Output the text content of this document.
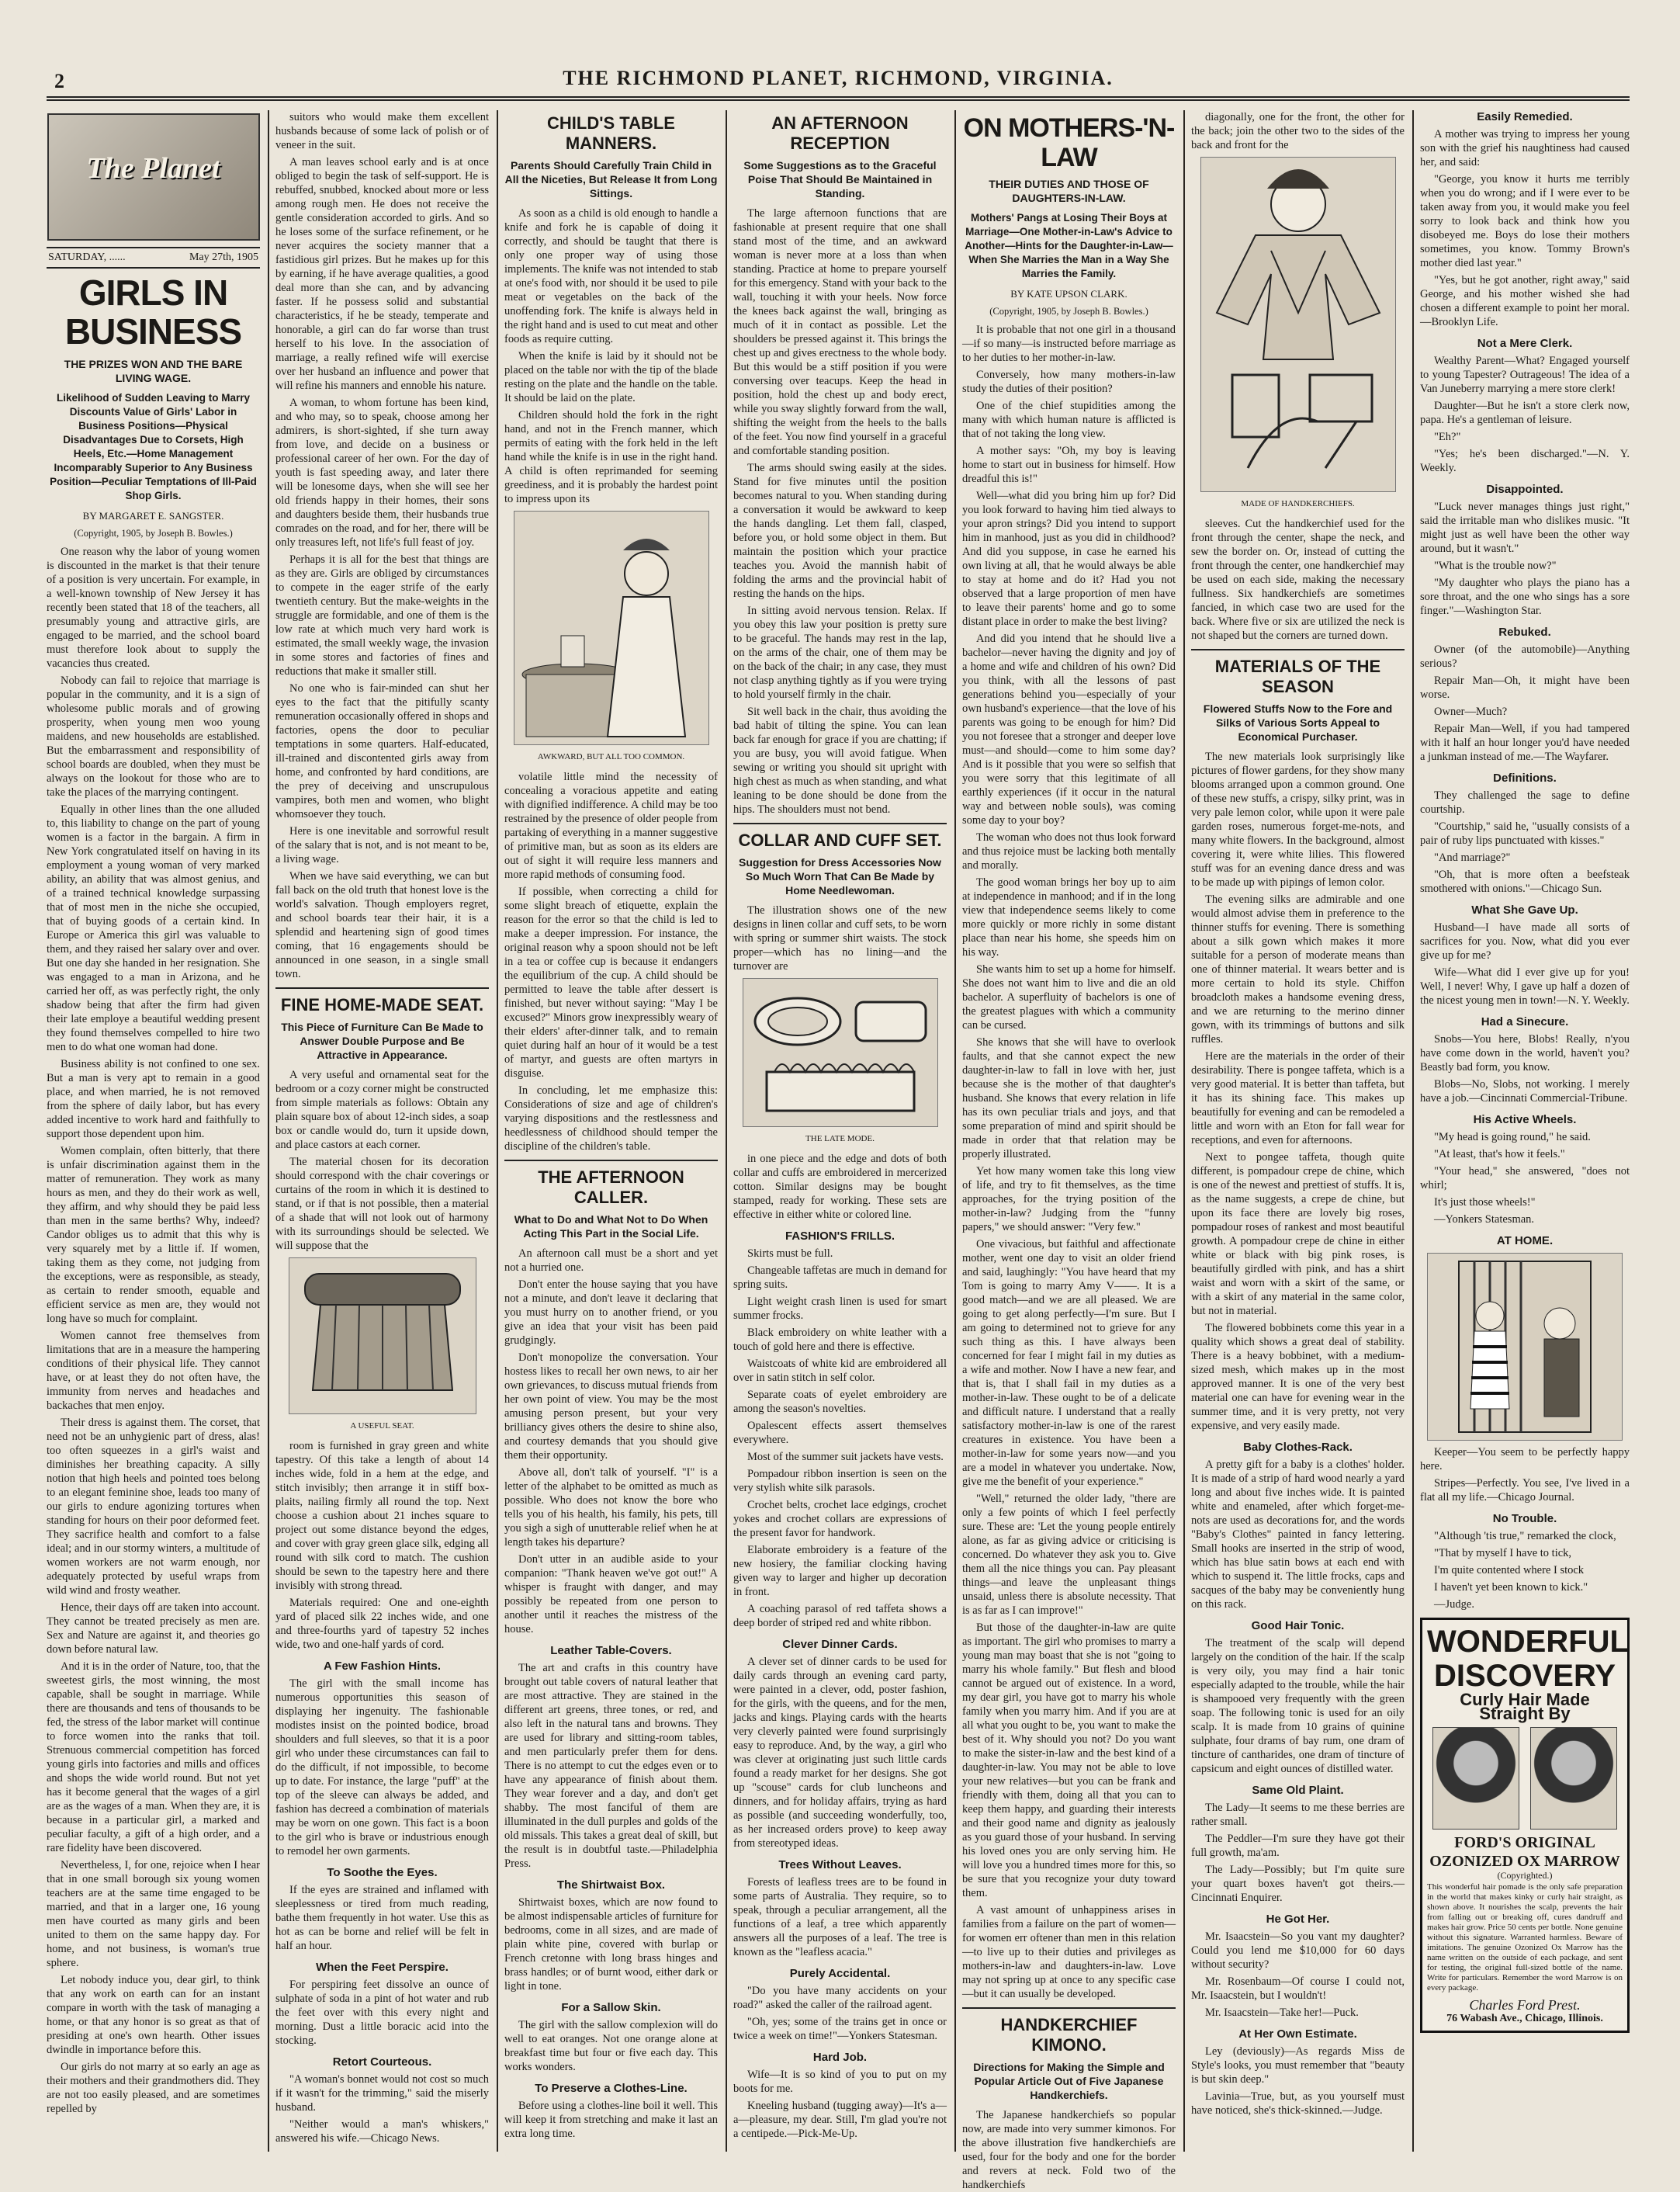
2	THE RICHMOND PLANET, RICHMOND, VIRGINIA.
The Planet
SATURDAY, ......	May 27th, 1905
GIRLS IN BUSINESS
THE PRIZES WON AND THE BARE LIVING WAGE.
Likelihood of Sudden Leaving to Marry Discounts Value of Girls' Labor in Business Positions—Physical Disadvantages Due to Corsets, High Heels, Etc.—Home Management Incomparably Superior to Any Business Position—Peculiar Temptations of Ill-Paid Shop Girls.
BY MARGARET E. SANGSTER.
(Copyright, 1905, by Joseph B. Bowles.)

One reason why the labor of young women is discounted in the market is that their tenure of a position is very uncertain. For example, in a well-known township of New Jersey it has recently been stated that 18 of the teachers, all presumably young and attractive girls, are engaged to be married, and the school board must therefore look about to supply the vacancies thus created.

Nobody can fail to rejoice that marriage is popular in the community, and it is a sign of wholesome public morals and of growing prosperity, when young men woo young maidens, and new households are established. But the embarrassment and responsibility of school boards are doubled, when they must be always on the lookout for those who are to take the places of the marrying contingent.

Equally in other lines than the one alluded to, this liability to change on the part of young women is a factor in the bargain. A firm in New York congratulated itself on having in its employment a young woman of very marked ability, an ability that was almost genius, and of a trained technical knowledge surpassing that of most men in the niche she occupied, that of buying goods of a certain kind. In Europe or America this girl was valuable to them, and they raised her salary over and over. But one day she handed in her resignation. She was engaged to a man in Arizona, and he carried her off, as was perfectly right, the only shadow being that after the firm had given their late employe a beautiful wedding present they found themselves compelled to hire two men to do what one woman had done.

Business ability is not confined to one sex. But a man is very apt to remain in a good place, and when married, he is not removed from the sphere of daily labor, but has every added incentive to work hard and faithfully to support those dependent upon him.

Women complain, often bitterly, that there is unfair discrimination against them in the matter of remuneration. They work as many hours as men, and they do their work as well, they affirm, and why should they be paid less than men in the same berths? Why, indeed? Candor obliges us to admit that this why is very squarely met by a little if. If women, taking them as they come, not judging from the exceptions, were as responsible, as steady, as certain to render smooth, equable and efficient service as men are, they would not long have so much for complaint.

Women cannot free themselves from limitations that are in a measure the hampering conditions of their physical life. They cannot have, or at least they do not often have, the immunity from nerves and headaches and backaches that men enjoy.

Their dress is against them. The corset, that need not be an unhygienic part of dress, alas! too often squeezes in a girl's waist and diminishes her breathing capacity. A silly notion that high heels and pointed toes belong to an elegant feminine shoe, leads too many of our girls to endure agonizing tortures when standing for hours on their poor deformed feet. They sacrifice health and comfort to a false ideal; and in our stormy winters, a multitude of women workers are not warm enough, nor adequately protected by useful wraps from wild wind and frosty weather.

Hence, their days off are taken into account. They cannot be treated precisely as men are. Sex and Nature are against it, and theories go down before natural law.

And it is in the order of Nature, too, that the sweetest girls, the most winning, the most capable, shall be sought in marriage. While there are thousands and tens of thousands to be fed, the stress of the labor market will continue to force women into the ranks that toil. Strenuous commercial competition has forced young girls into factories and mills and offices and shops the wide world round. But not yet has it become general that the wages of a girl are as the wages of a man. When they are, it is because in a particular girl, a marked and peculiar faculty, a gift of a high order, and a rare fidelity have been discovered.

Nevertheless, I, for one, rejoice when I hear that in one small borough six young women teachers are at the same time engaged to be married, and that in a larger one, 16 young men have courted as many girls and been united to them on the same happy day. For home, and not business, is woman's true sphere.

Let nobody induce you, dear girl, to think that any work on earth can for an instant compare in worth with the task of managing a home, or that any honor is so great as that of presiding at one's own hearth. Other issues dwindle in importance before this.

Our girls do not marry at so early an age as their mothers and their grandmothers did. They are not too easily pleased, and are sometimes repelled by

suitors who would make them excellent husbands because of some lack of polish or of veneer in the suit.

A man leaves school early and is at once obliged to begin the task of self-support. He is rebuffed, snubbed, knocked about more or less among rough men. He does not receive the gentle consideration accorded to girls. And so he loses some of the surface refinement, or he never acquires the society manner that a fastidious girl prizes. But he makes up for this by earning, if he have average qualities, a good deal more than she can, and by advancing faster. If he possess solid and substantial characteristics, if he be steady, temperate and honorable, a girl can do far worse than trust herself to his love. In the association of marriage, a really refined wife will exercise over her husband an influence and power that will refine his manners and ennoble his nature.

A woman, to whom fortune has been kind, and who may, so to speak, choose among her admirers, is short-sighted, if she turn away from love, and decide on a business or professional career of her own. For the day of youth is fast speeding away, and later there will be lonesome days, when she will see her old friends happy in their homes, their sons and daughters beside them, their husbands true comrades on the road, and for her, there will be only treasures left, not life's full feast of joy.

Perhaps it is all for the best that things are as they are. Girls are obliged by circumstances to compete in the eager strife of the early twentieth century. But the make-weights in the struggle are formidable, and one of them is the low rate at which much very hard work is estimated, the small weekly wage, the invasion in some stores and factories of fines and reductions that make it smaller still.

No one who is fair-minded can shut her eyes to the fact that the pitifully scanty remuneration occasionally offered in shops and factories, opens the door to peculiar temptations in some quarters. Half-educated, ill-trained and discontented girls away from home, and confronted by hard conditions, are the prey of deceiving and unscrupulous vampires, both men and women, who blight whomsoever they touch.

Here is one inevitable and sorrowful result of the salary that is not, and is not meant to be, a living wage.

When we have said everything, we can but fall back on the old truth that honest love is the world's salvation. Though employers regret, and school boards tear their hair, it is a splendid and heartening sign of good times coming, that 16 engagements should be announced in one season, in a single small town.

FINE HOME-MADE SEAT.
This Piece of Furniture Can Be Made to Answer Double Purpose and Be Attractive in Appearance.

A very useful and ornamental seat for the bedroom or a cozy corner might be constructed from simple materials as follows: Obtain any plain square box of about 12-inch sides, a soap box or candle would do, turn it upside down, and place castors at each corner.

The material chosen for its decoration should correspond with the chair coverings or curtains of the room in which it is destined to stand, or if that is not possible, then a material of a shade that will not look out of harmony with its surroundings should be selected. We will suppose that the

A USEFUL SEAT.

room is furnished in gray green and white tapestry. Of this take a length of about 14 inches wide, fold in a hem at the edge, and stitch invisibly; then arrange it in stiff box-plaits, nailing firmly all round the top. Next choose a cushion about 21 inches square to project out some distance beyond the edges, and cover with gray green glace silk, edging all round with silk cord to match. The cushion should be sewn to the tapestry here and there invisibly with strong thread.

Materials required: One and one-eighth yard of placed silk 22 inches wide, and one and three-fourths yard of tapestry 52 inches wide, two and one-half yards of cord.

A Few Fashion Hints.

The girl with the small income has numerous opportunities this season of displaying her ingenuity. The fashionable modistes insist on the pointed bodice, broad shoulders and full sleeves, so that it is a poor girl who under these circumstances can fail to do the difficult, if not impossible, to become up to date. For instance, the large "puff" at the top of the sleeve can always be added, and fashion has decreed a combination of materials may be worn on one gown. This fact is a boon to the girl who is brave or industrious enough to remodel her own garments.

To Soothe the Eyes.

If the eyes are strained and inflamed with sleeplessness or tired from much reading, bathe them frequently in hot water. Use this as hot as can be borne and relief will be felt in half an hour.

When the Feet Perspire.

For perspiring feet dissolve an ounce of sulphate of soda in a pint of hot water and rub the feet over with this every night and morning. Dust a little boracic acid into the stocking.

Retort Courteous.

"A woman's bonnet would not cost so much if it wasn't for the trimming," said the miserly husband.

"Neither would a man's whiskers," answered his wife.—Chicago News.

CHILD'S TABLE MANNERS.
Parents Should Carefully Train Child in All the Niceties, But Release It from Long Sittings.

As soon as a child is old enough to handle a knife and fork he is capable of doing it correctly, and should be taught that there is only one proper way of using those implements. The knife was not intended to stab at one's food with, nor should it be used to pile meat or vegetables on the back of the unoffending fork. The knife is always held in the right hand and is used to cut meat and other foods as require cutting.

When the knife is laid by it should not be placed on the table nor with the tip of the blade resting on the plate and the handle on the table. It should be laid on the plate.

Children should hold the fork in the right hand, and not in the French manner, which permits of eating with the fork held in the left hand while the knife is in use in the right hand. A child is often reprimanded for seeming greediness, and it is probably the hardest point to impress upon its

AWKWARD, BUT ALL TOO COMMON.

volatile little mind the necessity of concealing a voracious appetite and eating with dignified indifference. A child may be too restrained by the presence of older people from partaking of everything in a manner suggestive of primitive man, but as soon as its elders are out of sight it will require less manners and more rapid methods of consuming food.

If possible, when correcting a child for some slight breach of etiquette, explain the reason for the error so that the child is led to make a deeper impression. For instance, the original reason why a spoon should not be left in a tea or coffee cup is because it endangers the equilibrium of the cup. A child should be permitted to leave the table after dessert is finished, but never without saying: "May I be excused?" Minors grow inexpressibly weary of their elders' after-dinner talk, and to remain quiet during half an hour of it would be a test of martyr, and guests are often martyrs in disguise.

In concluding, let me emphasize this: Considerations of size and age of children's varying dispositions and the restlessness and heedlessness of childhood should temper the discipline of the children's table.

THE AFTERNOON CALLER.
What to Do and What Not to Do When Acting This Part in the Social Life.

An afternoon call must be a short and yet not a hurried one.

Don't enter the house saying that you have not a minute, and don't leave it declaring that you must hurry on to another friend, or you give an idea that your visit has been paid grudgingly.

Don't monopolize the conversation. Your hostess likes to recall her own news, to air her own grievances, to discuss mutual friends from her own point of view. You may be the most amusing person present, but your very brilliancy gives others the desire to shine also, and courtesy demands that you should give them their opportunity.

Above all, don't talk of yourself. "I" is a letter of the alphabet to be omitted as much as possible. Who does not know the bore who tells you of his health, his family, his pets, till you sigh a sigh of unutterable relief when he at length takes his departure?

Don't utter in an audible aside to your companion: "Thank heaven we've got out!" A whisper is fraught with danger, and may possibly be repeated from one person to another until it reaches the mistress of the house.

Leather Table-Covers.

The art and crafts in this country have brought out table covers of natural leather that are most attractive. They are stained in the different art greens, three tones, or red, and also left in the natural tans and browns. They are used for library and sitting-room tables, and men particularly prefer them for dens. There is no attempt to cut the edges even or to have any appearance of finish about them. They wear forever and a day, and don't get shabby. The most fanciful of them are illuminated in the dull purples and golds of the old missals. This takes a great deal of skill, but the result is in doubtful taste.—Philadelphia Press.

The Shirtwaist Box.

Shirtwaist boxes, which are now found to be almost indispensable articles of furniture for bedrooms, come in all sizes, and are made of plain white pine, covered with burlap or French cretonne with long brass hinges and brass handles; or of burnt wood, either dark or light in tone.

For a Sallow Skin.

The girl with the sallow complexion will do well to eat oranges. Not one orange alone at breakfast time but four or five each day. This works wonders.

To Preserve a Clothes-Line.

Before using a clothes-line boil it well. This will keep it from stretching and make it last an extra long time.

AN AFTERNOON RECEPTION
Some Suggestions as to the Graceful Poise That Should Be Maintained in Standing.

The large afternoon functions that are fashionable at present require that one shall stand most of the time, and an awkward woman is never more at a loss than when standing. Practice at home to prepare yourself for this emergency. Stand with your back to the wall, touching it with your heels. Now force the knees back against the wall, bringing as much of it in contact as possible. Let the shoulders be pressed against it. This brings the chest up and gives erectness to the whole body. But this would be a stiff position if you were conversing over teacups. Keep the head in position, hold the chest up and body erect, while you sway slightly forward from the wall, shifting the weight from the heels to the balls of the feet. You now find yourself in a graceful and comfortable standing position.

The arms should swing easily at the sides. Stand for five minutes until the position becomes natural to you. When standing during a conversation it would be awkward to keep the hands dangling. Let them fall, clasped, before you, or hold some object in them. But maintain the position which your practice teaches you. Avoid the mannish habit of folding the arms and the provincial habit of resting the hands on the hips.

In sitting avoid nervous tension. Relax. If you obey this law your position is pretty sure to be graceful. The hands may rest in the lap, on the arms of the chair, one of them may be on the back of the chair; in any case, they must not clasp anything tightly as if you were trying to hold yourself firmly in the chair.

Sit well back in the chair, thus avoiding the bad habit of tilting the spine. You can lean back far enough for grace if you are chatting; if you are busy, you will avoid fatigue. When sewing or writing you should sit upright with high chest as much as when standing, and what leaning to be done should be done from the hips. The shoulders must not bend.

COLLAR AND CUFF SET.
Suggestion for Dress Accessories Now So Much Worn That Can Be Made by Home Needlewoman.

The illustration shows one of the new designs in linen collar and cuff sets, to be worn with spring or summer shirt waists. The stock proper—which has no lining—and the turnover are

THE LATE MODE.

in one piece and the edge and dots of both collar and cuffs are embroidered in mercerized cotton. Similar designs may be bought stamped, ready for working. These sets are effective in either white or colored line.

FASHION'S FRILLS.

Skirts must be full.

Changeable taffetas are much in demand for spring suits.

Light weight crash linen is used for smart summer frocks.

Black embroidery on white leather with a touch of gold here and there is effective.

Waistcoats of white kid are embroidered all over in satin stitch in self color.

Separate coats of eyelet embroidery are among the season's novelties.

Opalescent effects assert themselves everywhere.

Most of the summer suit jackets have vests.

Pompadour ribbon insertion is seen on the very stylish white silk parasols.

Crochet belts, crochet lace edgings, crochet yokes and crochet collars are expressions of the present favor for handwork.

Elaborate embroidery is a feature of the new hosiery, the familiar clocking having given way to larger and higher up decoration in front.

A coaching parasol of red taffeta shows a deep border of striped red and white ribbon.

Clever Dinner Cards.

A clever set of dinner cards to be used for daily cards through an evening card party, were painted in a clever, odd, poster fashion, for the girls, with the queens, and for the men, jacks and kings. Playing cards with the hearts very cleverly painted were found surprisingly easy to reproduce. And, by the way, a girl who was clever at originating just such little cards found a ready market for her designs. She got up "scouse" cards for club luncheons and dinners, and for holiday affairs, trying as hard as possible (and succeeding wonderfully, too, as her increased orders prove) to keep away from stereotyped ideas.

Trees Without Leaves.

Forests of leafless trees are to be found in some parts of Australia. They require, so to speak, through a peculiar arrangement, all the functions of a leaf, a tree which apparently answers all the purposes of a leaf. The tree is known as the "leafless acacia."

Purely Accidental.

"Do you have many accidents on your road?" asked the caller of the railroad agent.

"Oh, yes; some of the trains get in once or twice a week on time!"—Yonkers Statesman.

Hard Job.

Wife—It is so kind of you to put on my boots for me.

Kneeling husband (tugging away)—It's a—a—pleasure, my dear. Still, I'm glad you're not a centipede.—Pick-Me-Up.

ON MOTHERS-'N-LAW
THEIR DUTIES AND THOSE OF DAUGHTERS-IN-LAW.
Mothers' Pangs at Losing Their Boys at Marriage—One Mother-in-Law's Advice to Another—Hints for the Daughter-in-Law—When She Marries the Man in a Way She Marries the Family.
BY KATE UPSON CLARK.
(Copyright, 1905, by Joseph B. Bowles.)

It is probable that not one girl in a thousand—if so many—is instructed before marriage as to her duties to her mother-in-law.

Conversely, how many mothers-in-law study the duties of their position?

One of the chief stupidities among the many with which human nature is afflicted is that of not taking the long view.

A mother says: "Oh, my boy is leaving home to start out in business for himself. How dreadful this is!"

Well—what did you bring him up for? Did you look forward to having him tied always to your apron strings? Did you intend to support him in manhood, just as you did in childhood? And did you suppose, in case he earned his own living at all, that he would always be able to stay at home and do it? Had you not observed that a large proportion of men have to leave their parents' home and go to some distant place in order to make the best living?

And did you intend that he should live a bachelor—never having the dignity and joy of a home and wife and children of his own? Did you think, with all the lessons of past generations behind you—especially of your own husband's experience—that the love of his parents was going to be enough for him? Did you not foresee that a stronger and deeper love must—and should—come to him some day? And is it possible that you were so selfish that you were sorry that this legitimate of all earthly experiences (if it occur in the natural way and between noble souls), was coming some day to your boy?

The woman who does not thus look forward and thus rejoice must be lacking both mentally and morally.

The good woman brings her boy up to aim at independence in manhood; and if in the long view that independence seems likely to come more quickly or more richly in some distant place than near his home, she speeds him on his way.

She wants him to set up a home for himself. She does not want him to live and die an old bachelor. A superfluity of bachelors is one of the greatest plagues with which a community can be cursed.

She knows that she will have to overlook faults, and that she cannot expect the new daughter-in-law to fall in love with her, just because she is the mother of that daughter's husband. She knows that every relation in life has its own peculiar trials and joys, and that some preparation of mind and spirit should be made in order that that relation may be properly illustrated.

Yet how many women take this long view of life, and try to fit themselves, as the time approaches, for the trying position of the mother-in-law? Judging from the "funny papers," we should answer: "Very few."

One vivacious, but faithful and affectionate mother, went one day to visit an older friend and said, laughingly: "You have heard that my Tom is going to marry Amy V——. It is a good match—and we are all pleased. We are going to get along perfectly—I'm sure. But I am going to determined not to grieve for any such thing as this. I have always been concerned for fear I might fail in my duties as a wife and mother. Now I have a new fear, and that is, that I shall fail in my duties as a mother-in-law. These ought to be of a delicate and difficult nature. I understand that a really satisfactory mother-in-law is one of the rarest creatures in existence. You have been a mother-in-law for some years now—and you are a model in whatever you undertake. Now, give me the benefit of your experience."

"Well," returned the older lady, "there are only a few points of which I feel perfectly sure. These are: 'Let the young people entirely alone, as far as giving advice or criticising is concerned. Do whatever they ask you to. Give them all the nice things you can. Pay pleasant things—and leave the unpleasant things unsaid, unless there is absolute necessity. That is as far as I can improve!"

But those of the daughter-in-law are quite as important. The girl who promises to marry a young man may boast that she is not "going to marry his whole family." But flesh and blood cannot be argued out of existence. In a word, my dear girl, you have got to marry his whole family when you marry him. And if you are at all what you ought to be, you want to make the best of it. Why should you not? Do you want to make the sister-in-law and the best kind of a daughter-in-law. You may not be able to love your new relatives—but you can be frank and friendly with them, doing all that you can to keep them happy, and guarding their interests and their good name and dignity as jealously as you guard those of your husband. In serving his loved ones you are only serving him. He will love you a hundred times more for this, so be sure that you recognize your duty toward them.

A vast amount of unhappiness arises in families from a failure on the part of women—for women err oftener than men in this relation—to live up to their duties and privileges as mothers-in-law and daughters-in-law. Love may not spring up at once to any specific case—but it can usually be developed.

HANDKERCHIEF KIMONO.
Directions for Making the Simple and Popular Article Out of Five Japanese Handkerchiefs.

The Japanese handkerchiefs so popular now, are made into very summer kimonos. For the above illustration five handkerchiefs are used, four for the body and one for the border and revers at neck. Fold two of the handkerchiefs

diagonally, one for the front, the other for the back; join the other two to the sides of the back and front for the

MADE OF HANDKERCHIEFS.

sleeves. Cut the handkerchief used for the front through the center, shape the neck, and sew the border on. Or, instead of cutting the front through the center, one handkerchief may be used on each side, making the necessary fullness. Six handkerchiefs are sometimes fancied, in which case two are used for the back. Where five or six are utilized the neck is not shaped but the corners are turned down.

MATERIALS OF THE SEASON
Flowered Stuffs Now to the Fore and Silks of Various Sorts Appeal to Economical Purchaser.

The new materials look surprisingly like pictures of flower gardens, for they show many blooms arranged upon a common ground. One of these new stuffs, a crispy, silky print, was in very pale lemon color, while upon it were pale garden roses, numerous forget-me-nots, and many white flowers. In the background, almost covering it, were white lilies. This flowered stuff was for an evening dance dress and was to be made up with pipings of lemon color.

The evening silks are admirable and one would almost advise them in preference to the thinner stuffs for evening. There is something about a silk gown which makes it more suitable for a person of moderate means than one of thinner material. It wears better and is more certain to hold its style. Chiffon broadcloth makes a handsome evening dress, and we are returning to the merino dinner gown, with its trimmings of buttons and silk ruffles.

Here are the materials in the order of their desirability. There is pongee taffeta, which is a very good material. It is better than taffeta, but it has its shining face. This makes up beautifully for evening and can be remodeled a little and worn with an Eton for fall wear for receptions, and even for afternoons.

Next to pongee taffeta, though quite different, is pompadour crepe de chine, which is one of the newest and prettiest of stuffs. It is, as the name suggests, a crepe de chine, but upon its face there are lovely big roses, pompadour roses of rankest and most beautiful growth. A pompadour crepe de chine in either white or black with big pink roses, is beautifully girdled with pink, and has a shirt waist and worn with a skirt of the same, or with a skirt of any material in the same color, but not in material.

The flowered bobbinets come this year in a quality which shows a great deal of stability. There is a heavy bobbinet, with a medium-sized mesh, which makes up in the most approved manner. It is one of the very best material one can have for evening wear in the summer time, and it is very pretty, not very expensive, and very easily made.

Baby Clothes-Rack.

A pretty gift for a baby is a clothes' holder. It is made of a strip of hard wood nearly a yard long and about five inches wide. It is painted white and enameled, after which forget-me-nots are used as decorations for, and the words "Baby's Clothes" painted in fancy lettering. Small hooks are inserted in the strip of wood, which has blue satin bows at each end with which to suspend it. The little frocks, caps and sacques of the baby may be conveniently hung on this rack.

Good Hair Tonic.

The treatment of the scalp will depend largely on the condition of the hair. If the scalp is very oily, you may find a hair tonic especially adapted to the trouble, while the hair is shampooed very frequently with the green soap. The following tonic is used for an oily scalp. It is made from 10 grains of quinine sulphate, four drams of bay rum, one dram of tincture of cantharides, one dram of tincture of capsicum and eight ounces of distilled water.

Same Old Plaint.

The Lady—It seems to me these berries are rather small.

The Peddler—I'm sure they have got their full growth, ma'am.

The Lady—Possibly; but I'm quite sure your quart boxes haven't got theirs.—Cincinnati Enquirer.

He Got Her.

Mr. Isaacstein—So you vant my daughter? Could you lend me $10,000 for 60 days without security?

Mr. Rosenbaum—Of course I could not, Mr. Isaacstein, but I wouldn't!

Mr. Isaacstein—Take her!—Puck.

At Her Own Estimate.

Ley (deviously)—As regards Miss de Style's looks, you must remember that "beauty is but skin deep."

Lavinia—True, but, as you yourself must have noticed, she's thick-skinned.—Judge.

Easily Remedied.

A mother was trying to impress her young son with the grief his naughtiness had caused her, and said:

"George, you know it hurts me terribly when you do wrong; and if I were ever to be taken away from you, it would make you feel sorry to look back and think how you disobeyed me. Boys do lose their mothers sometimes, you know. Tommy Brown's mother died last year."

"Yes, but he got another, right away," said George, and his mother wished she had chosen a different example to point her moral.—Brooklyn Life.

Not a Mere Clerk.

Wealthy Parent—What? Engaged yourself to young Tapester? Outrageous! The idea of a Van Juneberry marrying a mere store clerk!

Daughter—But he isn't a store clerk now, papa. He's a gentleman of leisure.

"Eh?"

"Yes; he's been discharged."—N. Y. Weekly.

Disappointed.

"Luck never manages things just right," said the irritable man who dislikes music. "It might just as well have been the other way around, but it wasn't."

"What is the trouble now?"

"My daughter who plays the piano has a sore throat, and the one who sings has a sore finger."—Washington Star.

Rebuked.

Owner (of the automobile)—Anything serious?

Repair Man—Oh, it might have been worse.

Owner—Much?

Repair Man—Well, if you had tampered with it half an hour longer you'd have needed a junkman instead of me.—The Wayfarer.

Definitions.

They challenged the sage to define courtship.

"Courtship," said he, "usually consists of a pair of ruby lips punctuated with kisses."

"And marriage?"

"Oh, that is more often a beefsteak smothered with onions."—Chicago Sun.

What She Gave Up.

Husband—I have made all sorts of sacrifices for you. Now, what did you ever give up for me?

Wife—What did I ever give up for you! Well, I never! Why, I gave up half a dozen of the nicest young men in town!—N. Y. Weekly.

Had a Sinecure.

Snobs—You here, Blobs! Really, n'you have come down in the world, haven't you? Beastly bad form, you know.

Blobs—No, Slobs, not working. I merely have a job.—Cincinnati Commercial-Tribune.

His Active Wheels.

"My head is going round," he said.

"At least, that's how it feels."

"Your head," she answered, "does not whirl;

It's just those wheels!"

—Yonkers Statesman.

AT HOME.

Keeper—You seem to be perfectly happy here.

Stripes—Perfectly. You see, I've lived in a flat all my life.—Chicago Journal.

No Trouble.

"Although 'tis true," remarked the clock,

"That by myself I have to tick,

I'm quite contented where I stock

I haven't yet been known to kick."

—Judge.

WONDERFUL
DISCOVERY
Curly Hair Made Straight By
FORD'S ORIGINAL
OZONIZED OX MARROW
(Copyrighted.)
This wonderful hair pomade is the only safe preparation in the world that makes kinky or curly hair straight, as shown above. It nourishes the scalp, prevents the hair from falling out or breaking off, cures dandruff and makes hair grow. Price 50 cents per bottle. None genuine without this signature. Warranted harmless. Beware of imitations. The genuine Ozonized Ox Marrow has the name written on the outside of each package, and sent for testing, the original full-sized bottle of the name. Write for particulars. Remember the word Marrow is on every package.
Charles Ford Prest.
76 Wabash Ave., Chicago, Illinois.
